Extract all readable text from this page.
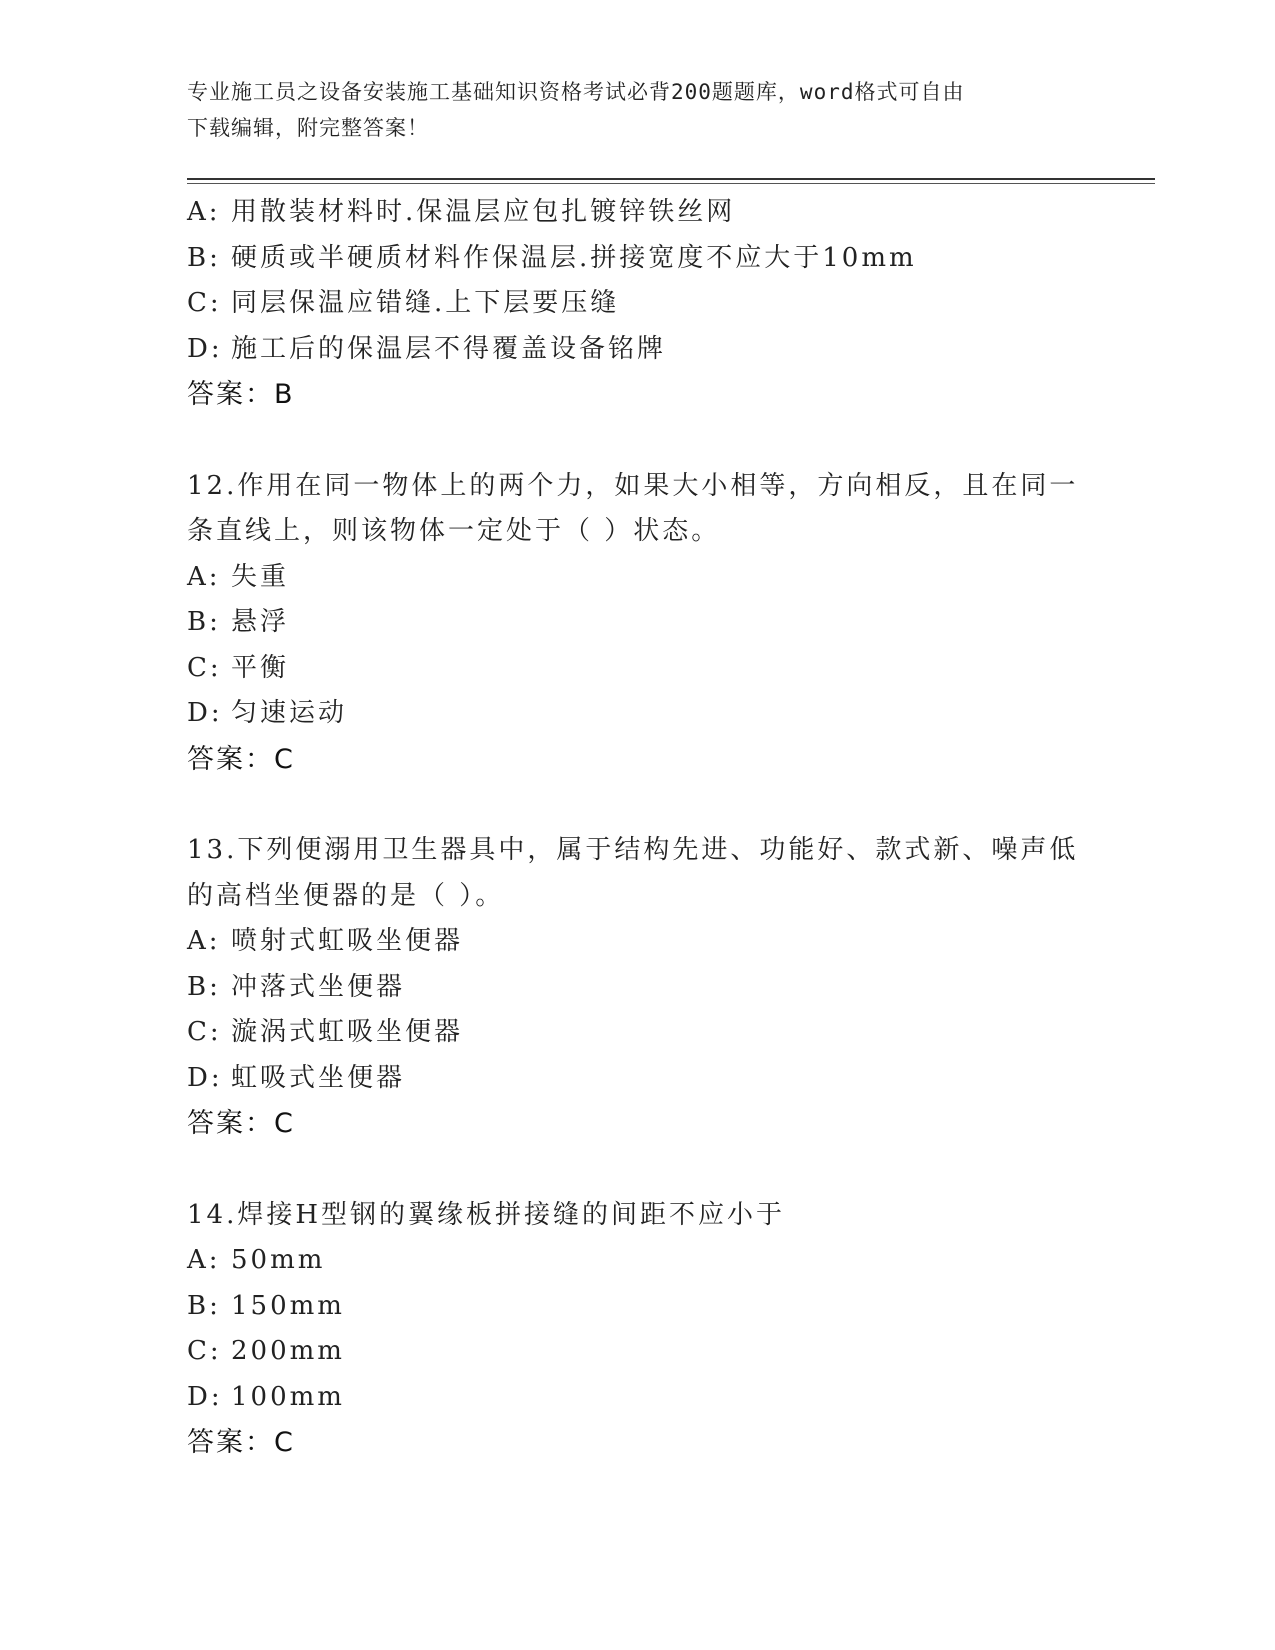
专业施工员之设备安装施工基础知识资格考试必背200题题库，word格式可自由
下载编辑，附完整答案！
A: 用散装材料时.保温层应包扎镀锌铁丝网
B: 硬质或半硬质材料作保温层.拼接宽度不应大于10mm
C: 同层保温应错缝.上下层要压缝
D: 施工后的保温层不得覆盖设备铭牌
答案：B
12.作用在同一物体上的两个力，如果大小相等，方向相反，且在同一
条直线上，则该物体一定处于（ ）状态。
A: 失重
B: 悬浮
C: 平衡
D: 匀速运动
答案：C
13.下列便溺用卫生器具中，属于结构先进、功能好、款式新、噪声低
的高档坐便器的是（ ）。
A: 喷射式虹吸坐便器
B: 冲落式坐便器
C: 漩涡式虹吸坐便器
D: 虹吸式坐便器
答案：C
14.焊接H型钢的翼缘板拼接缝的间距不应小于
A: 50mm
B: 150mm
C: 200mm
D: 100mm
答案：C
